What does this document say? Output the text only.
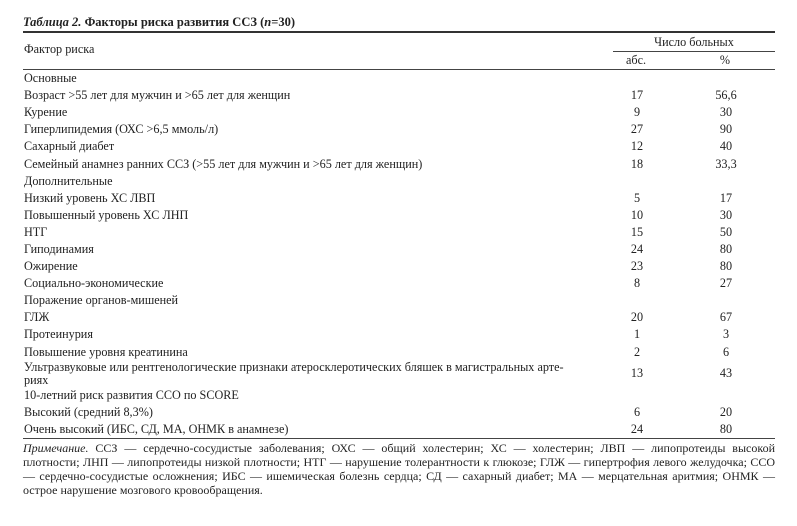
Таблица 2. Факторы риска развития ССЗ (n=30)
Фактор риска	Число больных
абс.	%
Основные		
Возраст >55 лет для мужчин и >65 лет для женщин	17	56,6
Курение	9	30
Гиперлипидемия (ОХС >6,5 ммоль/л)	27	90
Сахарный диабет	12	40
Семейный анамнез ранних ССЗ (>55 лет для мужчин и >65 лет для женщин)	18	33,3
Дополнительные		
Низкий уровень ХС ЛВП	5	17
Повышенный уровень ХС ЛНП	10	30
НТГ	15	50
Гиподинамия	24	80
Ожирение	23	80
Социально-экономические	8	27
Поражение органов-мишеней		
ГЛЖ	20	67
Протеинурия	1	3
Повышение уровня креатинина	2	6
Ультразвуковые или рентгенологические признаки атеросклеротических бляшек в магистральных арте-
риях	13	43
10-летний риск развития ССО по SCORE		
Высокий (средний 8,3%)	6	20
Очень высокий (ИБС, СД, МА, ОНМК в анамнезе)	24	80
Примечание. ССЗ — сердечно-сосудистые заболевания; ОХС — общий холестерин; ХС — холестерин; ЛВП — липопротеиды высокой плотности; ЛНП — липопротеиды низкой плотности; НТГ — нарушение толерантности к глюкозе; ГЛЖ — гипертрофия левого желудочка; ССО — сердечно-сосудистые осложнения; ИБС — ишемическая болезнь сердца; СД — сахарный диабет; МА — мерцательная аритмия; ОНМК — острое нарушение мозгового кровообращения.
